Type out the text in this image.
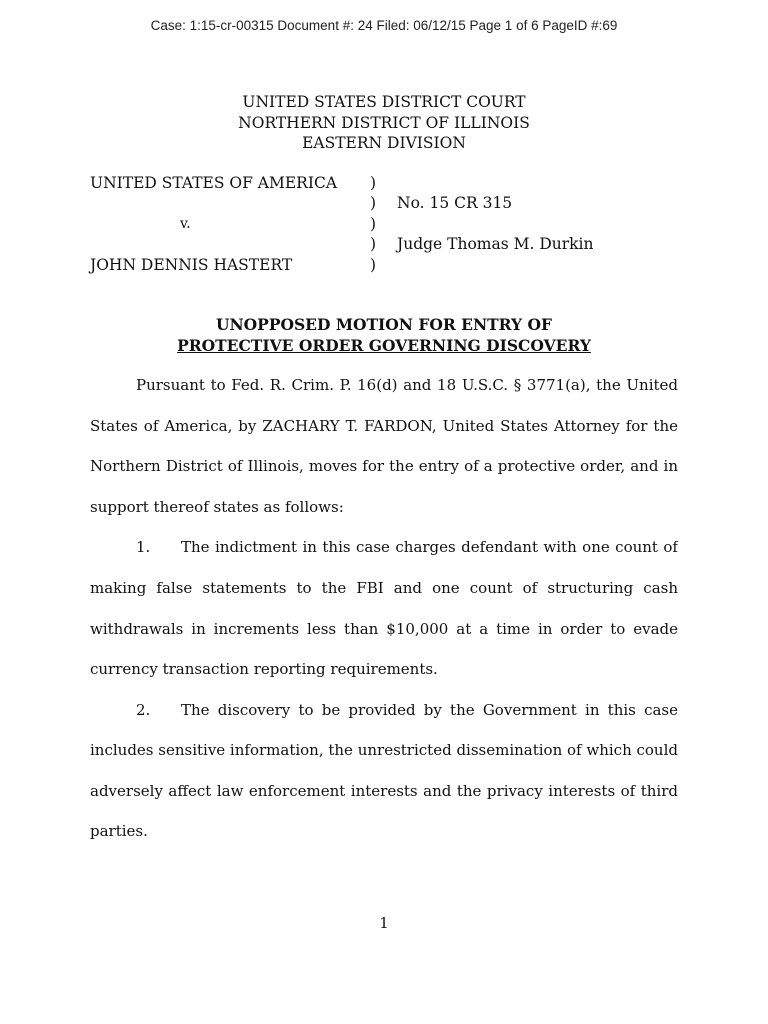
Case: 1:15-cr-00315 Document #: 24 Filed: 06/12/15 Page 1 of 6 PageID #:69
UNITED STATES DISTRICT COURT
NORTHERN DISTRICT OF ILLINOIS
EASTERN DIVISION
UNITED STATES OF AMERICA
v.
JOHN DENNIS HASTERT
)
)
)
)
)
No. 15 CR 315
Judge Thomas M. Durkin
UNOPPOSED MOTION FOR ENTRY OF
PROTECTIVE ORDER GOVERNING DISCOVERY
Pursuant to Fed. R. Crim. P. 16(d) and 18 U.S.C. § 3771(a), the United
States of America, by ZACHARY T. FARDON, United States Attorney for the
Northern District of Illinois, moves for the entry of a protective order, and in
support thereof states as follows:
1. The indictment in this case charges defendant with one count of
making false statements to the FBI and one count of structuring cash
withdrawals in increments less than $10,000 at a time in order to evade
currency transaction reporting requirements.
2. The discovery to be provided by the Government in this case
includes sensitive information, the unrestricted dissemination of which could
adversely affect law enforcement interests and the privacy interests of third
parties.
1
